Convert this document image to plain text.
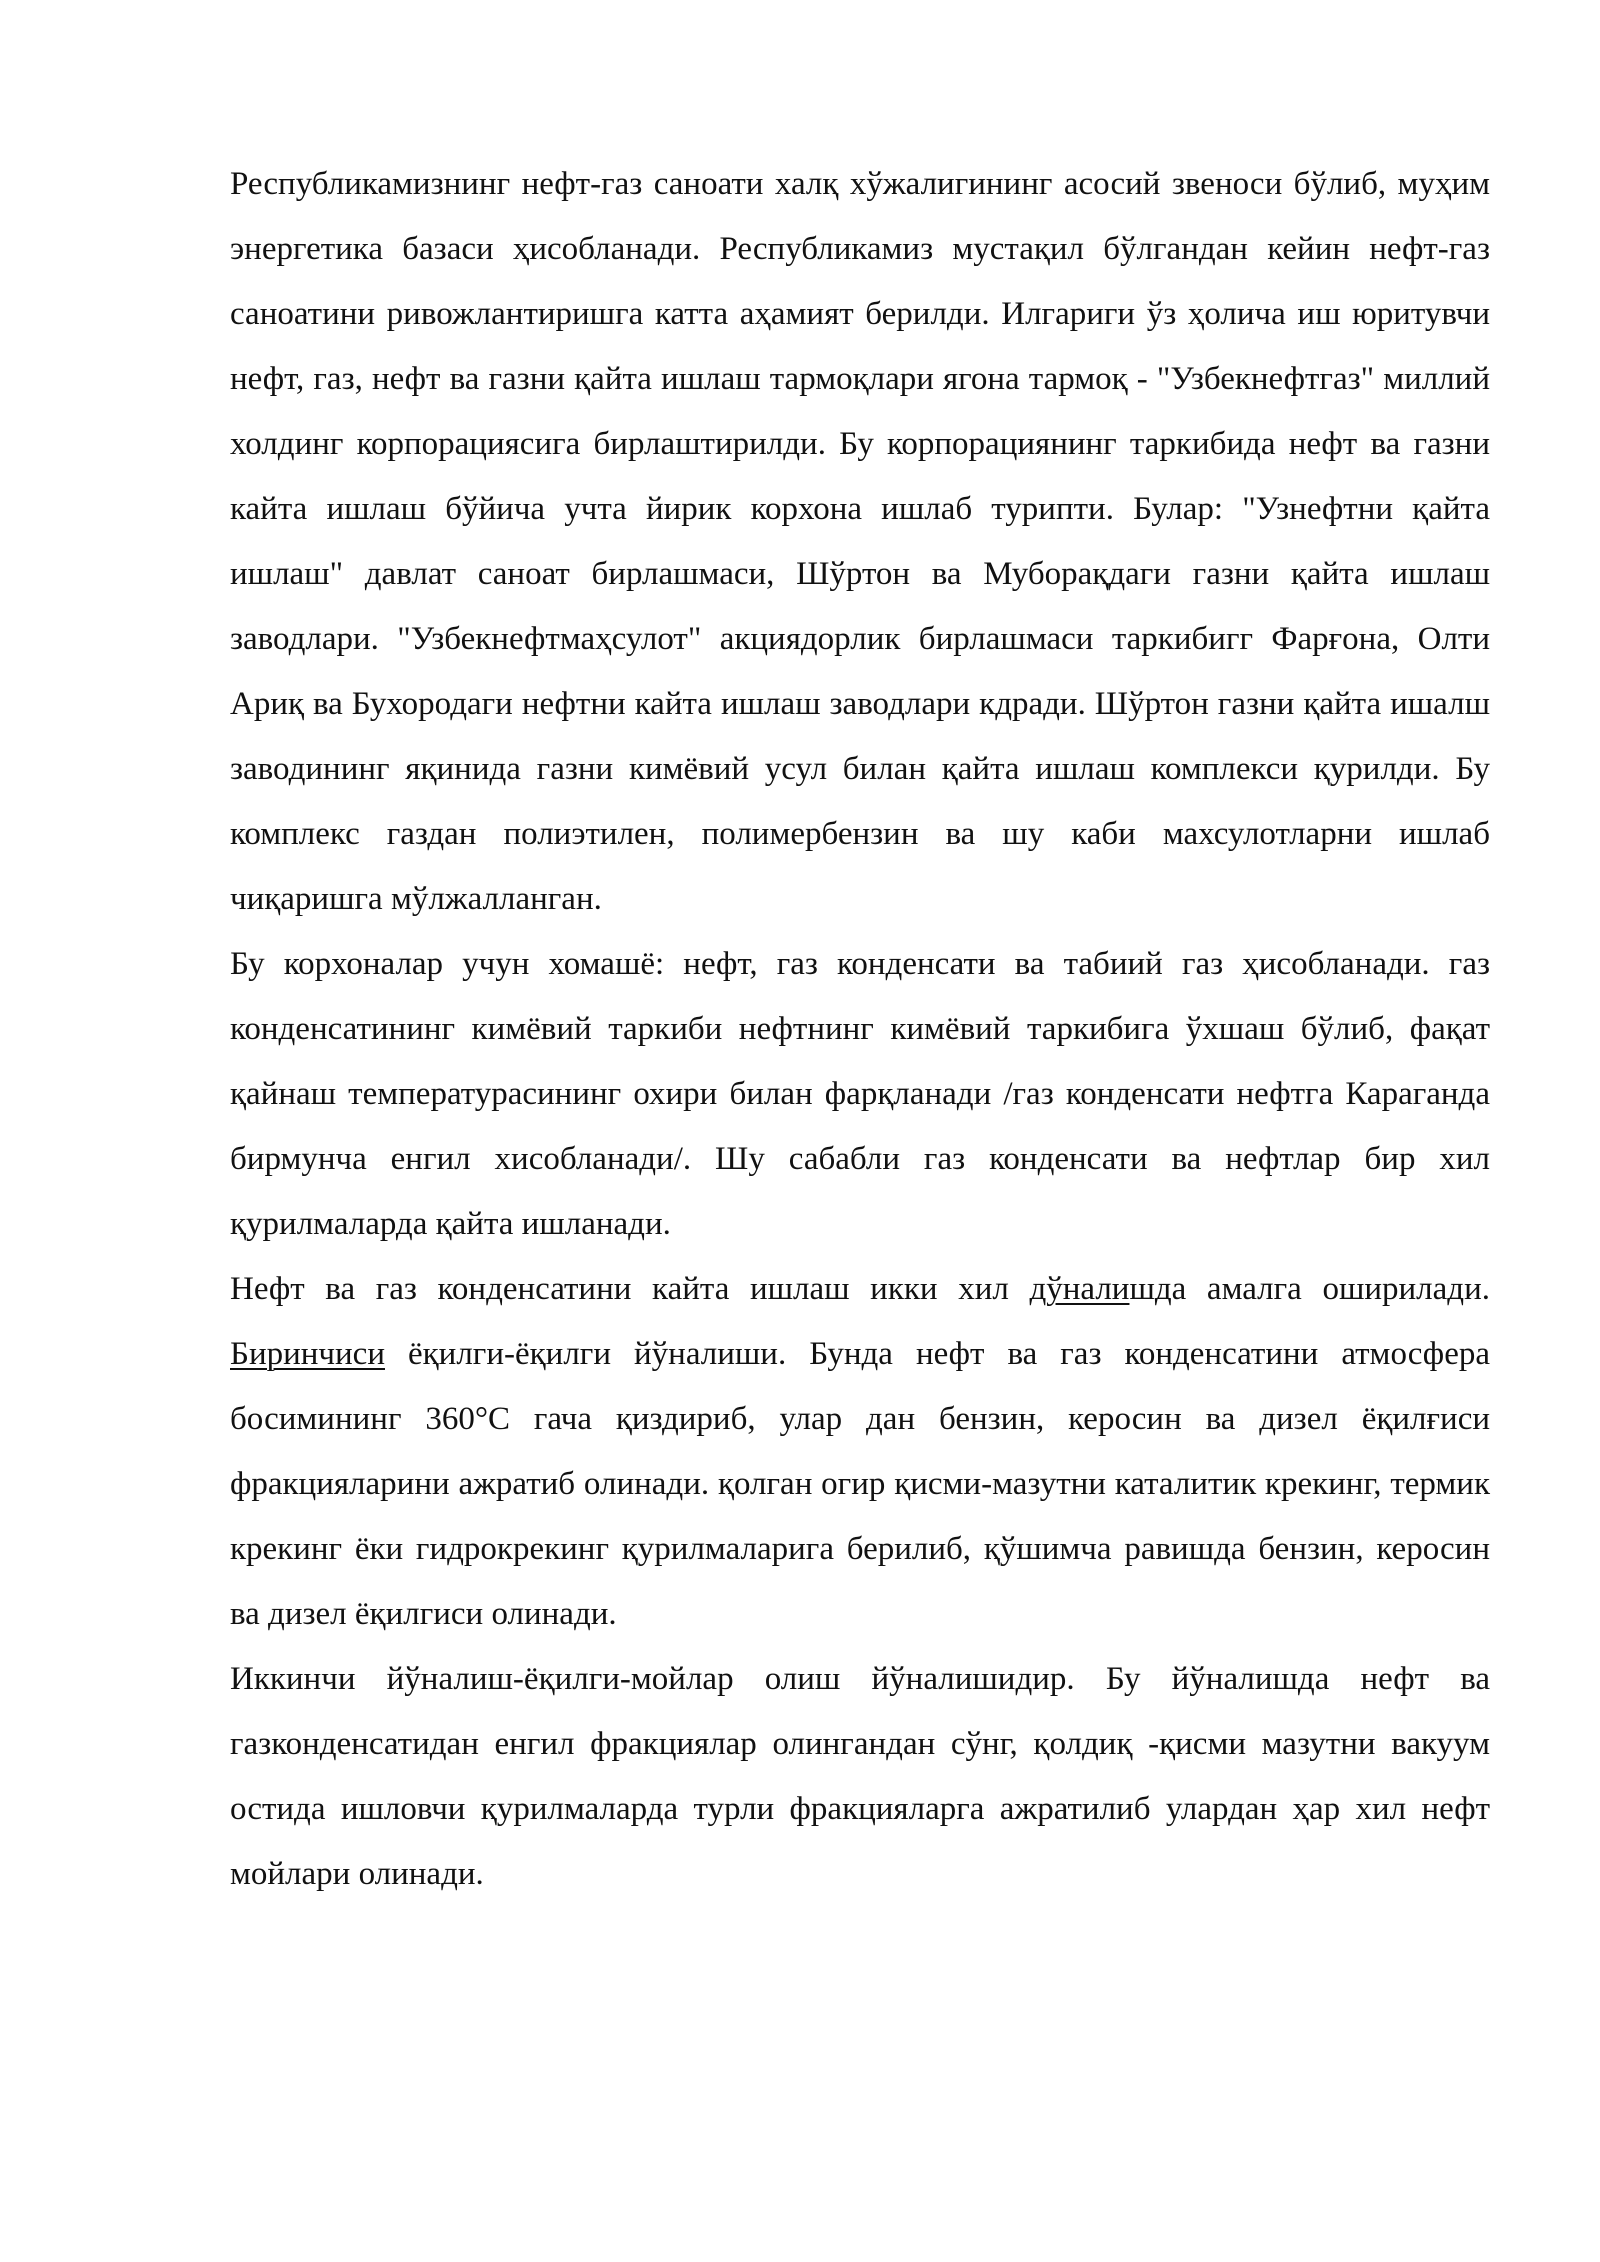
Республикамизнинг нефт-газ саноати халқ хўжалигининг асосий звеноси бўлиб, муҳим энергетика базаси ҳисобланади. Республикамиз мустақил бўлгандан кейин нефт-газ саноатини ривожлантиришга катта аҳамият берилди. Илгариги ўз ҳолича иш юритувчи нефт, газ, нефт ва газни қайта ишлаш тармоқлари ягона тармоқ - "Узбекнефтгаз" миллий холдинг корпорациясига бирлаштирилди. Бу корпорациянинг таркибида нефт ва газни кайта ишлаш бўйича учта йирик корхона ишлаб турипти. Булар: "Узнефтни қайта ишлаш" давлат саноат бирлашмаси, Шўртон ва Муборақдаги газни қайта ишлаш заводлари. "Узбекнефтмаҳсулот" акциядорлик бирлашмаси таркибигг Фарғона, Олти Ариқ ва Бухородаги нефтни кайта ишлаш заводлари кдради. Шўртон газни қайта ишалш заводининг яқинида газни кимёвий усул билан қайта ишлаш комплекси қурилди. Бу комплекс газдан полиэтилен, полимербензин ва шу каби махсулотларни ишлаб чиқаришга мўлжалланган.

Бу корхоналар учун хомашё: нефт, газ конденсати ва табиий газ ҳисобланади. газ конденсатининг кимёвий таркиби нефтнинг кимёвий таркибига ўхшаш бўлиб, фақат қайнаш температурасининг охири билан фарқланади /газ конденсати нефтга Караганда бирмунча енгил хисобланади/. Шу сабабли газ конденсати ва нефтлар бир хил қурилмаларда қайта ишланади.

Нефт ва газ конденсатини кайта ишлаш икки хил дўналишда амалга оширилади. Биринчиси ёқилги-ёқилги йўналиши. Бунда нефт ва газ конденсатини атмосфера босимининг 360°С гача қиздириб, улар дан бензин, керосин ва дизел ёқилғиси фракцияларини ажратиб олинади. қолган огир қисми-мазутни каталитик крекинг, термик крекинг ёки гидрокрекинг қурилмаларига берилиб, қўшимча равишда бензин, керосин ва дизел ёқилгиси олинади.

Иккинчи йўналиш-ёқилги-мойлар олиш йўналишидир. Бу йўналишда нефт ва газконденсатидан енгил фракциялар олингандан сўнг, қолдиқ -қисми мазутни вакуум остида ишловчи қурилмаларда турли фракцияларга ажратилиб улардан ҳар хил нефт мойлари олинади.
